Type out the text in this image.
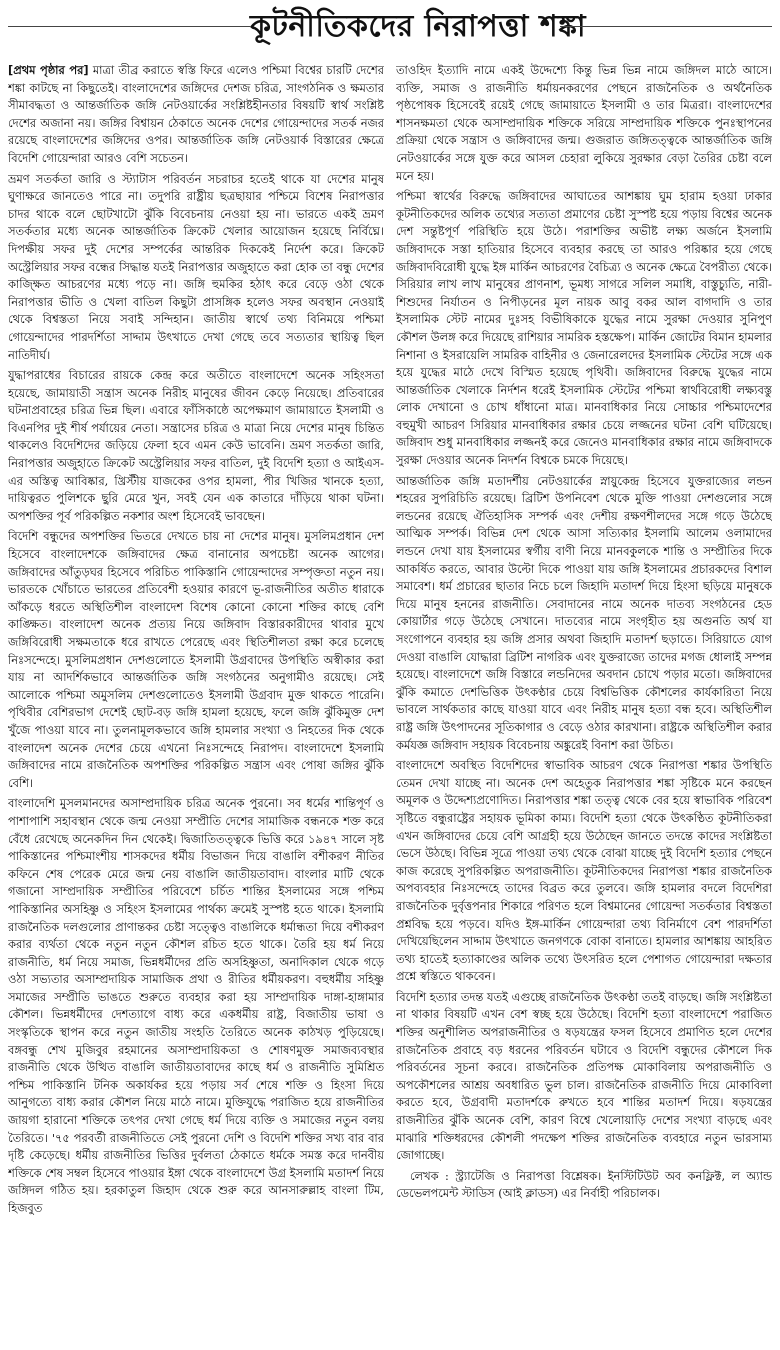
কূটনীতিকদের নিরাপত্তা শঙ্কা

[প্রথম পৃষ্ঠার পর] মাত্রা তীব্র করাতে স্বস্তি ফিরে এলেও পশ্চিমা বিশ্বের চারটি দেশের শঙ্কা কাটছে না কিছুতেই। বাংলাদেশের জঙ্গিদের দেশজ চরিত্র, সাংগঠনিক ও ক্ষমতার সীমাবদ্ধতা ও আন্তর্জাতিক জঙ্গি নেটওয়ার্কের সংশ্লিষ্টহীনতার বিষয়টি স্বার্থ সংশ্লিষ্ট দেশের অজানা নয়। জঙ্গির বিশ্বায়ন ঠেকাতে অনেক দেশের গোয়েন্দাদের সতর্ক নজর রয়েছে বাংলাদেশের জঙ্গিদের ওপর। আন্তর্জাতিক জঙ্গি নেটওয়ার্ক বিস্তারের ক্ষেত্রে বিদেশি গোয়েন্দারা আরও বেশি সচেতন।

ভ্রমণ সতর্কতা জারি ও স্ট্যাটাস পরিবর্তন সচরাচর হতেই থাকে যা দেশের মানুষ ঘুণাক্ষরে জানতেও পারে না। তদুপরি রাষ্ট্রীয় ছত্রছায়ার পশ্চিমে বিশেষ নিরাপত্তার চাদর থাকে বলে ছোটখাটো ঝুঁকি বিবেচনায় নেওয়া হয় না। ভারতে একই ভ্রমণ সতর্কতার মধ্যে অনেক আন্তর্জাতিক ক্রিকেট খেলার আয়োজন হয়েছে নির্বিঘ্নে। দিপক্ষীয় সফর দুই দেশের সম্পর্কের আন্তরিক দিককেই নির্দেশ করে। ক্রিকেট অস্ট্রেলিয়ার সফর বন্ধের সিদ্ধান্ত যতই নিরাপত্তার অজুহাতে করা হোক তা বন্ধু দেশের কাজ্ক্ষিত আচরণের মধ্যে পড়ে না। জঙ্গি হুমকির হঠাৎ করে বেড়ে ওঠা থেকে নিরাপত্তার ভীতি ও খেলা বাতিল কিছুটা প্রাসঙ্গিক হলেও সফর অবস্থান নেওয়াই থেকে বিশ্বস্ততা নিয়ে সবাই সন্দিহান। জাতীয় স্বার্থে তথ্য বিনিময়ে পশ্চিমা গোয়েন্দাদের পারদর্শিতা সাদ্দাম উৎখাতে দেখা গেছে তবে সত্যতার স্থায়িত্ব ছিল নাতিদীর্ঘ।

যুদ্ধাপরাধের বিচারের রায়কে কেন্দ্র করে অতীতে বাংলাদেশে অনেক সহিংসতা হয়েছে, জামায়াতী সন্ত্রাস অনেক নিরীহ মানুষের জীবন কেড়ে নিয়েছে। প্রতিবারের ঘটনাপ্রবাহের চরিত্র ভিন্ন ছিল। এবারে ফাঁসিকাষ্ঠে অপেক্ষমাণ জামায়াতে ইসলামী ও বিএনপির দুই শীর্ষ পর্যায়ের নেতা। সন্ত্রাসের চরিত্র ও মাত্রা নিয়ে দেশের মানুষ চিন্তিত থাকলেও বিদেশিদের জড়িয়ে ফেলা হবে এমন কেউ ভাবেনি। ভ্রমণ সতর্কতা জারি, নিরাপত্তার অজুহাতে ক্রিকেট অস্ট্রেলিয়ার সফর বাতিল, দুই বিদেশি হত্যা ও আইএস-এর অস্তিত্ব আবিষ্কার, খ্রিস্টীয় যাজকের ওপর হামলা, পীর খিজির খানকে হত্যা, দায়িত্বরত পুলিশকে ছুরি মেরে খুন, সবই যেন এক কাতারে দাঁড়িয়ে থাকা ঘটনা। অপশক্তির পূর্ব পরিকল্পিত নকশার অংশ হিসেবেই ভাবছেন।

বিদেশি বন্ধুদের অপশক্তির ভিতরে দেখতে চায় না দেশের মানুষ। মুসলিমপ্রধান দেশ হিসেবে বাংলাদেশকে জঙ্গিবাদের ক্ষেত্র বানানোর অপচেষ্টা অনেক আগের। জঙ্গিবাদের আঁতুড়ঘর হিসেবে পরিচিত পাকিস্তানি গোয়েন্দাদের সম্পৃক্ততা নতুন নয়। ভারতকে খোঁচাতে ভারতের প্রতিবেশী হওয়ার কারণে ভূ-রাজনীতির অতীত ধারাকে আঁকড়ে ধরতে অস্থিতিশীল বাংলাদেশ বিশেষ কোনো কোনো শক্তির কাছে বেশি কাঙ্ক্ষিত। বাংলাদেশ অনেক প্রত্যয় নিয়ে জঙ্গিবাদ বিস্তারকারীদের থাবার মুখে জঙ্গিবিরোধী সক্ষমতাকে ধরে রাখতে পেরেছে এবং স্থিতিশীলতা রক্ষা করে চলেছে নিঃসন্দেহে। মুসলিমপ্রধান দেশগুলোতে ইসলামী উগ্রবাদের উপস্থিতি অস্বীকার করা যায় না আদর্শিকভাবে আন্তর্জাতিক জঙ্গি সংগঠনের অনুগামীও রয়েছে। সেই আলোকে পশ্চিমা অমুসলিম দেশগুলোতেও ইসলামী উগ্রবাদ মুক্ত থাকতে পারেনি। পৃথিবীর বেশিরভাগ দেশেই ছোট-বড় জঙ্গি হামলা হয়েছে, ফলে জঙ্গি ঝুঁকিমুক্ত দেশ খুঁজে পাওয়া যাবে না। তুলনামূলকভাবে জঙ্গি হামলার সংখ্যা ও নিহতের দিক থেকে বাংলাদেশ অনেক দেশের চেয়ে এখনো নিঃসন্দেহে নিরাপদ। বাংলাদেশে ইসলামি জঙ্গিবাদের নামে রাজনৈতিক অপশক্তির পরিকল্পিত সন্ত্রাস এবং পোষা জঙ্গির ঝুঁকি বেশি।

বাংলাদেশি মুসলমানদের অসাম্প্রদায়িক চরিত্র অনেক পুরনো। সব ধর্মের শান্তিপূর্ণ ও পাশাপাশি সহাবস্থান থেকে জন্ম নেওয়া সম্প্রীতি দেশের সামাজিক বন্ধনকে শক্ত করে বেঁধে রেখেছে অনেকদিন দিন থেকেই। দ্বিজাতিতত্ত্বকে ভিত্তি করে ১৯৪৭ সালে সৃষ্ট পাকিস্তানের পশ্চিমাংশীয় শাসকদের ধর্মীয় বিভাজন দিয়ে বাঙালি বশীকরণ নীতির কফিনে শেষ পেরেক মেরে জন্ম নেয় বাঙালি জাতীয়তাবাদ। বাংলার মাটি থেকে গজানো সাম্প্রদায়িক সম্প্রীতির পরিবেশে চর্চিত শান্তির ইসলামের সঙ্গে পশ্চিম পাকিস্তানির অসহিষ্ণু ও সহিংস ইসলামের পার্থক্য ক্রমেই সুস্পষ্ট হতে থাকে। ইসলামি রাজনৈতিক দলগুলোর প্রাণান্তকর চেষ্টা সত্ত্বেও বাঙালিকে ধর্মান্ধতা দিয়ে বশীকরণ করার ব্যর্থতা থেকে নতুন নতুন কৌশল রচিত হতে থাকে। তৈরি হয় ধর্ম নিয়ে রাজনীতি, ধর্ম নিয়ে সমাজ, ভিন্নধর্মীদের প্রতি অসহিষ্ণুতা, অনাদিকাল থেকে গড়ে ওঠা সভ্যতার অসাম্প্রদায়িক সামাজিক প্রথা ও রীতির ধর্মীয়করণ। বহুধর্মীয় সহিষ্ণু সমাজের সম্প্রীতি ভাঙতে শুরুতে ব্যবহার করা হয় সাম্প্রদায়িক দাঙ্গা-হাঙ্গামার কৌশল। ভিন্নধর্মীদের দেশত্যাগে বাধ্য করে একধর্মীয় রাষ্ট্র, বিজাতীয় ভাষা ও সংস্কৃতিকে স্থাপন করে নতুন জাতীয় সংহতি তৈরিতে অনেক কাঠখড় পুড়িয়েছে। বঙ্গবন্ধু শেখ মুজিবুর রহমানের অসাম্প্রদায়িকতা ও শোষণমুক্ত সমাজব্যবস্থার রাজনীতি থেকে উত্থিত বাঙালি জাতীয়তাবাদের কাছে ধর্ম ও রাজনীতি সুমিশ্রিত পশ্চিম পাকিস্তানি টনিক অকার্যকর হয়ে পড়ায় সর্ব শেষে শক্তি ও হিংসা দিয়ে আনুগত্যে বাধ্য করার কৌশল নিয়ে মাঠে নামে। মুক্তিযুদ্ধে পরাজিত হয়ে রাজনীতির জায়গা হারানো শক্তিকে তৎপর দেখা গেছে ধর্ম দিয়ে ব্যক্তি ও সমাজের নতুন বলয় তৈরিতে। '৭৫ পরবর্তী রাজনীতিতে সেই পুরনো দেশি ও বিদেশি শক্তির সখ্য বার বার দৃষ্টি কেড়েছে। ধর্মীয় রাজনীতির ভিত্তির দুর্বলতা ঠেকাতে ধর্মকে সমস্ত করে দানবীয় শক্তিকে শেষ সম্বল হিসেবে পাওয়ার ইঙ্গা থেকে বাংলাদেশে উগ্র ইসলামি মতাদর্শ নিয়ে জঙ্গিদল গঠিত হয়। হরকাতুল জিহাদ থেকে শুরু করে আনসারুল্লাহ বাংলা টিম, হিজবুত

তাওহিদ ইত্যাদি নামে একই উদ্দেশ্যে কিন্তু ভিন্ন ভিন্ন নামে জঙ্গিদল মাঠে আসে। ব্যক্তি, সমাজ ও রাজনীতি ধর্মায়নকরণের পেছনে রাজনৈতিক ও অর্থনৈতিক পৃষ্ঠপোষক হিসেবেই রয়েই গেছে জামায়াতে ইসলামী ও তার মিত্ররা। বাংলাদেশের শাসনক্ষমতা থেকে অসাম্প্রদায়িক শক্তিকে সরিয়ে সাম্প্রদায়িক শক্তিকে পুনঃস্থাপনের প্রক্রিয়া থেকে সন্ত্রাস ও জঙ্গিবাদের জন্ম। গুজরাত জঙ্গিতত্ত্বকে আন্তর্জাতিক জঙ্গি নেটওয়ার্কের সঙ্গে যুক্ত করে আসল চেহারা লুকিয়ে সুরক্ষার বেড়া তৈরির চেষ্টা বলে মনে হয়।

পশ্চিমা স্বার্থের বিরুদ্ধে জঙ্গিবাদের আঘাতের আশঙ্কায় ঘুম হারাম হওয়া ঢাকার কূটনীতিকদের অলিক তথ্যের সত্যতা প্রমাণের চেষ্টা সুস্পষ্ট হয়ে পড়ায় বিশ্বের অনেক দেশ সন্তুষ্টপূর্ণ পরিস্থিতি হয়ে উঠে। পরাশক্তির অভীষ্ট লক্ষ্য অর্জনে ইসলামি জঙ্গিবাদকে সস্তা হাতিয়ার হিসেবে ব্যবহার করছে তা আরও পরিষ্কার হয়ে গেছে জঙ্গিবাদবিরোধী যুদ্ধে ইঙ্গ মার্কিন আচরণের বৈচিত্র্য ও অনেক ক্ষেত্রে বৈপরীত্য থেকে। সিরিয়ার লাখ লাখ মানুষের প্রাণনাশ, ভূমধ্য সাগরে সলিল সমাধি, বাস্তুচ্যুতি, নারী-শিশুদের নির্যাতন ও নিপীড়নের মূল নায়ক আবু বকর আল বাগদাদি ও তার ইসলামিক স্টেট নামের দুঃসহ বিভীষিকাকে যুদ্ধের নামে সুরক্ষা দেওয়ার সুনিপুণ কৌশল উলঙ্গ করে দিয়েছে রাশিয়ার সামরিক হস্তক্ষেপ। মার্কিন জোটের বিমান হামলার নিশানা ও ইসরায়েলি সামরিক বাহিনীর ও জেনারেলদের ইসলামিক স্টেটের সঙ্গে এক হয়ে যুদ্ধের মাঠে দেখে বিস্মিত হয়েছে পৃথিবী। জঙ্গিবাদের বিরুদ্ধে যুদ্ধের নামে আন্তর্জাতিক খেলাকে নির্দশন ধরেই ইসলামিক স্টেটের পশ্চিমা স্বার্থবিরোধী লক্ষ্যবস্তু লোক দেখানো ও চোখ ধাঁধানো মাত্র। মানবাধিকার নিয়ে সোচ্চার পশ্চিমাদেশের বহুমুখী আচরণ সিরিয়ার মানবাধিকার রক্ষার চেয়ে লজ্জনের ঘটনা বেশি ঘটিয়েছে। জঙ্গিবাদ শুধু মানবাধিকার লজ্জনই করে জেনেও মানবাধিকার রক্ষার নামে জঙ্গিবাদকে সুরক্ষা দেওয়ার অনেক নিদর্শন বিশ্বকে চমকে দিয়েছে।

আন্তর্জাতিক জঙ্গি মতাদর্শীয় নেটওয়ার্কের স্নায়ুকেন্দ্র হিসেবে যুক্তরাজ্যের লন্ডন শহরের সুপরিচিতি রয়েছে। ব্রিটিশ উপনিবেশ থেকে মুক্তি পাওয়া দেশগুলোর সঙ্গে লন্ডনের রয়েছে ঐতিহাসিক সম্পর্ক এবং দেশীয় রক্ষণশীলদের সঙ্গে গড়ে উঠেছে আত্মিক সম্পর্ক। বিভিন্ন দেশ থেকে আসা সত্যিকার ইসলামি আলেম ওলামাদের লন্ডনে দেখা যায় ইসলামের স্বর্গীয় বাণী নিয়ে মানবকুলকে শান্তি ও সম্প্রীতির দিকে আকর্ষিত করতে, আবার উল্টো দিকে পাওয়া যায় জঙ্গি ইসলামের প্রচারকদের বিশাল সমাবেশ। ধর্ম প্রচারের ছাতার নিচে চলে জিহাদি মতাদর্শ দিয়ে হিংসা ছড়িয়ে মানুষকে দিয়ে মানুষ হননের রাজনীতি। সেবাদানের নামে অনেক দাতব্য সংগঠনের হেড কোয়ার্টার গড়ে উঠেছে সেখানে। দাতব্যের নামে সংগৃহীত হয় অগুনতি অর্থ যা সংগোপনে ব্যবহার হয় জঙ্গি প্রসার অথবা জিহাদি মতাদর্শ ছড়াতে। সিরিয়াতে যোগ দেওয়া বাঙালি যোদ্ধারা ব্রিটিশ নাগরিক এবং যুক্তরাজ্যে তাদের মগজ ধোলাই সম্পন্ন হয়েছে। বাংলাদেশে জঙ্গি বিস্তারে লন্ডনিদের অবদান চোখে পড়ার মতো। জঙ্গিবাদের ঝুঁকি কমাতে দেশভিত্তিক উৎকণ্ঠার চেয়ে বিশ্বভিত্তিক কৌশলের কার্যকারিতা নিয়ে ভাবলে সার্থকতার কাছে যাওয়া যাবে এবং নিরীহ মানুষ হত্যা বন্ধ হবে। অস্থিতিশীল রাষ্ট্র জঙ্গি উৎপাদনের সূতিকাগার ও বেড়ে ওঠার কারখানা। রাষ্ট্রকে অস্থিতিশীল করার কর্মযজ্ঞ জঙ্গিবাদ সহায়ক বিবেচনায় অঙ্কুরেই বিনাশ করা উচিত।

বাংলাদেশে অবস্থিত বিদেশিদের স্বাভাবিক আচরণ থেকে নিরাপত্তা শঙ্কার উপস্থিতি তেমন দেখা যাচ্ছে না। অনেক দেশ অহেতুক নিরাপত্তার শঙ্কা সৃষ্টিকে মনে করছেন অমূলক ও উদ্দেশ্যপ্রণোদিত। নিরাপত্তার শঙ্কা তত্ত্ব থেকে বের হয়ে স্বাভাবিক পরিবেশ সৃষ্টিতে বন্ধুরাষ্ট্রের সহায়ক ভূমিকা কাম্য। বিদেশি হত্যা থেকে উৎকণ্ঠিত কূটনীতিকরা এখন জঙ্গিবাদের চেয়ে বেশি আগ্রহী হয়ে উঠেছেন জানতে তদন্তে কাদের সংশ্লিষ্টতা ভেসে উঠছে। বিভিন্ন সূত্রে পাওয়া তথ্য থেকে বোঝা যাচ্ছে দুই বিদেশি হত্যার পেছনে কাজ করেছে সুপরিকল্পিত অপরাজনীতি। কূটনীতিকদের নিরাপত্তা শঙ্কার রাজনৈতিক অপব্যবহার নিঃসন্দেহে তাদের বিব্রত করে তুলবে। জঙ্গি হামলার বদলে বিদেশিরা রাজনৈতিক দুর্বৃত্তপনার শিকারে পরিণত হলে বিশ্বমানের গোয়েন্দা সতর্কতার বিশ্বস্ততা প্রশ্নবিদ্ধ হয়ে পড়বে। যদিও ইঙ্গ-মার্কিন গোয়েন্দারা তথ্য বিনির্মাণে বেশ পারদর্শিতা দেখিয়েছিলেন সাদ্দাম উৎখাতে জনগণকে বোকা বানাতে। হামলার আশঙ্কায় আহরিত তথ্য হাতেই হত্যাকাণ্ডের অলিক তথ্যে উৎসরিত হলে পেশাগত গোয়েন্দারা দক্ষতার প্রশ্নে স্বস্তিতে থাকবেন।

বিদেশি হত্যার তদন্ত যতই এগুচ্ছে রাজনৈতিক উৎকণ্ঠা ততই বাড়ছে। জঙ্গি সংশ্লিষ্টতা না থাকার বিষয়টি এখন বেশ স্বচ্ছ হয়ে উঠেছে। বিদেশি হত্যা বাংলাদেশে পরাজিত শক্তির অনুশীলিত অপরাজনীতির ও ষড়যন্ত্রের ফসল হিসেবে প্রমাণিত হলে দেশের রাজনৈতিক প্রবাহে বড় ধরনের পরিবর্তন ঘটাবে ও বিদেশি বন্ধুদের কৌশলে দিক পরিবর্তনের সূচনা করবে। রাজনৈতিক প্রতিপক্ষ মোকাবিলায় অপরাজনীতি ও অপকৌশলের আশ্রয় অবধারিত ভুল চাল। রাজনৈতিক রাজনীতি দিয়ে মোকাবিলা করতে হবে, উগ্রবাদী মতাদর্শকে রুখতে হবে শান্তির মতাদর্শ দিয়ে। ষড়যন্ত্রের রাজনীতির ঝুঁকি অনেক বেশি, কারণ বিশ্বে খেলোয়াড়ি দেশের সংখ্যা বাড়ছে এবং মাঝারি শক্তিধরদের কৌশলী পদক্ষেপ শক্তির রাজনৈতিক ব্যবহারে নতুন ভারসাম্য জোগাচ্ছে।

লেখক : স্ট্র্যাটেজি ও নিরাপত্তা বিশ্লেষক। ইনস্টিটিউট অব কনফ্লিক্ট, ল অ্যান্ড ডেভেলপমেন্ট স্টাডিস (আই ক্লাডস) এর নির্বাহী পরিচালক।
